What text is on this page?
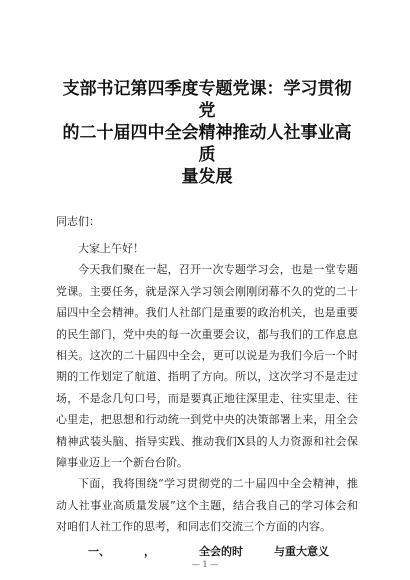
支部书记第四季度专题党课：学习贯彻党
的二十届四中全会精神推动人社事业高质
量发展
同志们：

大家上午好！

今天我们聚在一起，召开一次专题学习会，也是一堂专题党课。主要任务，就是深入学习领会刚刚闭幕不久的党的二十届四中全会精神。我们人社部门是重要的政治机关，也是重要的民生部门，党中央的每一次重要会议，都与我们的工作息息相关。这次的二十届四中全会，更可以说是为我们今后一个时期的工作划定了航道、指明了方向。所以，这次学习不是走过场，不是念几句口号，而是要真正地往深里走、往实里走、往心里走，把思想和行动统一到党中央的决策部署上来，用全会精神武装头脑、指导实践、推动我们X县的人力资源和社会保障事业迈上一个新台台阶。

下面，我将围绕“学习贯彻党的二十届四中全会精神，推动人社事业高质量发展”这个主题，结合我自己的学习体会和对咱们人社工作的思考，和同志们交流三个方面的内容。

一、	，	全会的时	与重大意义
— 1 —
